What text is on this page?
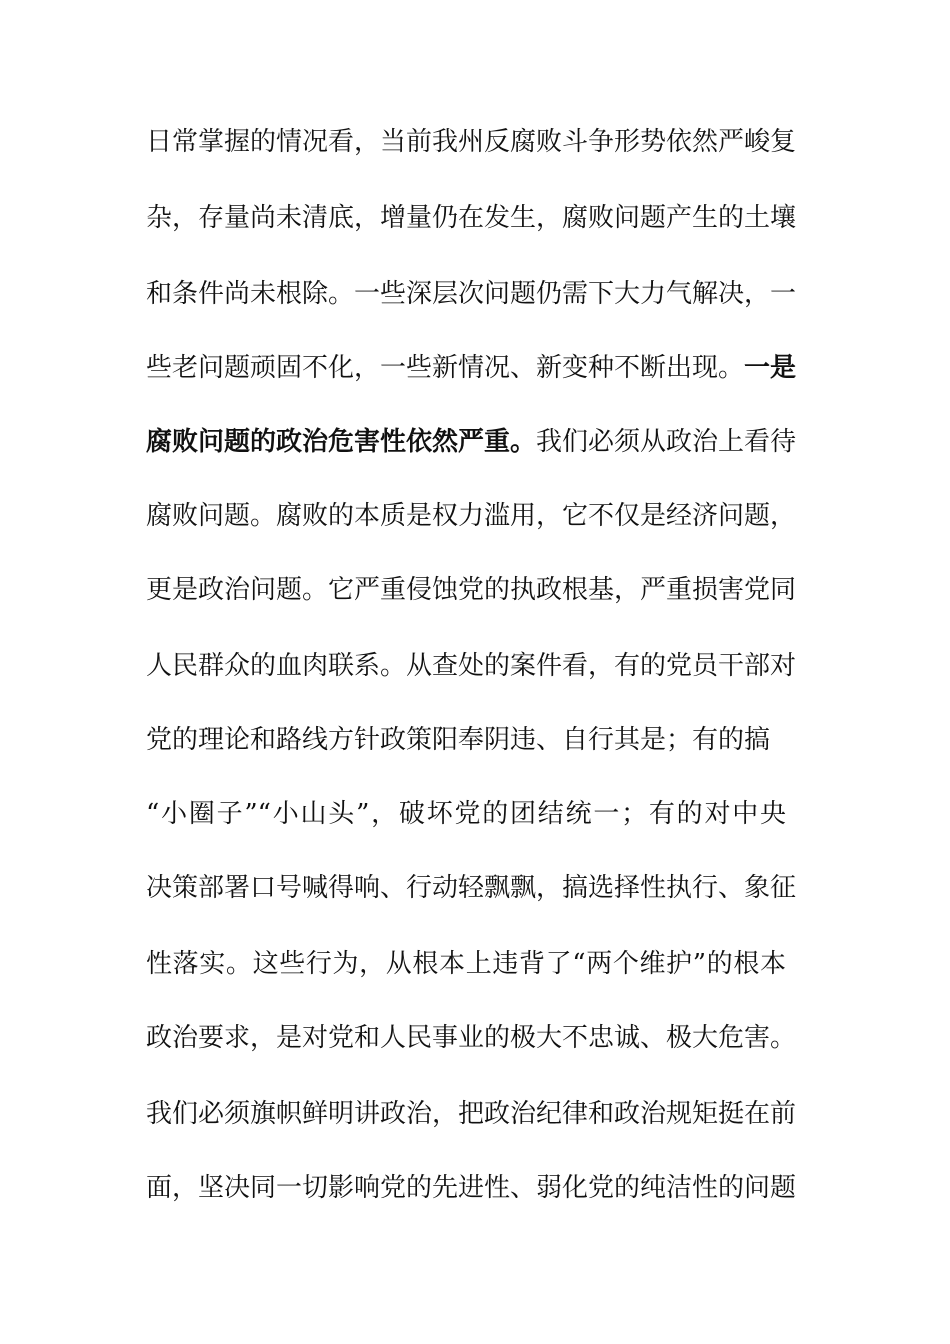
日常掌握的情况看，当前我州反腐败斗争形势依然严峻复
杂，存量尚未清底，增量仍在发生，腐败问题产生的土壤
和条件尚未根除。一些深层次问题仍需下大力气解决，一
些老问题顽固不化，一些新情况、新变种不断出现。一是
腐败问题的政治危害性依然严重。我们必须从政治上看待
腐败问题。腐败的本质是权力滥用，它不仅是经济问题，
更是政治问题。它严重侵蚀党的执政根基，严重损害党同
人民群众的血肉联系。从查处的案件看，有的党员干部对
党的理论和路线方针政策阳奉阴违、自行其是；有的搞
“小圈子”“小山头”，破坏党的团结统一；有的对中央
决策部署口号喊得响、行动轻飘飘，搞选择性执行、象征
性落实。这些行为，从根本上违背了“两个维护”的根本
政治要求，是对党和人民事业的极大不忠诚、极大危害。
我们必须旗帜鲜明讲政治，把政治纪律和政治规矩挺在前
面，坚决同一切影响党的先进性、弱化党的纯洁性的问题
